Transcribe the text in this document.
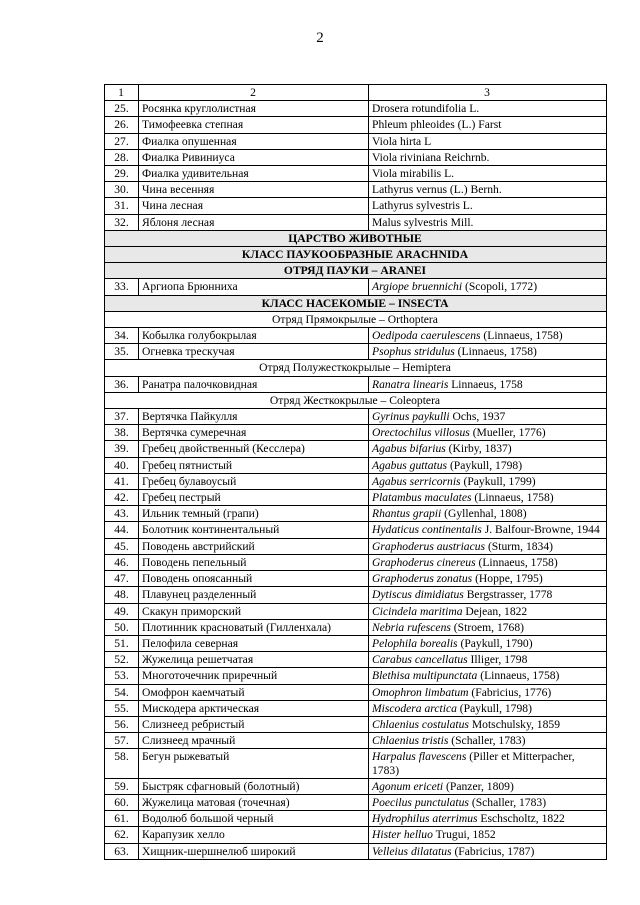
2
1	2	3
25.	Росянка круглолистная	Drosera rotundifolia L.
26.	Тимофеевка степная	Phleum phleoides (L.) Farst
27.	Фиалка опушенная	Viola hirta L
28.	Фиалка Ривиниуса	Viola riviniana Reichrnb.
29.	Фиалка удивительная	Viola mirabilis L.
30.	Чина весенняя	Lathyrus vernus (L.) Bernh.
31.	Чина лесная	Lathyrus sylvestris L.
32.	Яблоня лесная	Malus sylvestris Mill.
ЦАРСТВО ЖИВОТНЫЕ		
КЛАСС ПАУКООБРАЗНЫЕ ARACHNIDA		
ОТРЯД ПАУКИ – ARANEI		
33.	Аргиопа Брюнниха	Argiope bruennichi (Scopoli, 1772)
КЛАСС НАСЕКОМЫЕ – INSECTA		
Отряд Прямокрылые – Orthoptera		
34.	Кобылка голубокрылая	Oedipoda caerulescens (Linnaeus, 1758)
35.	Огневка трескучая	Psophus stridulus (Linnaeus, 1758)
Отряд Полужесткокрылые – Hemiptera		
36.	Ранатра палочковидная	Ranatra linearis Linnaeus, 1758
Отряд Жесткокрылые – Coleoptera		
37.	Вертячка Пайкулля	Gyrinus paykulli Ochs, 1937
38.	Вертячка сумеречная	Orectochilus villosus (Mueller, 1776)
39.	Гребец двойственный (Кесслера)	Agabus bifarius (Kirby, 1837)
40.	Гребец пятнистый	Agabus guttatus (Paykull, 1798)
41.	Гребец булавоусый	Agabus serricornis (Paykull, 1799)
42.	Гребец пестрый	Platambus maculates (Linnaeus, 1758)
43.	Ильник темный (грапи)	Rhantus grapii (Gyllenhal, 1808)
44.	Болотник континентальный	Hydaticus continentalis J. Balfour-Browne, 1944
45.	Поводень австрийский	Graphoderus austriacus (Sturm, 1834)
46.	Поводень пепельный	Graphoderus cinereus (Linnaeus, 1758)
47.	Поводень опоясанный	Graphoderus zonatus (Hoppe, 1795)
48.	Плавунец разделенный	Dytiscus dimidiatus Bergstrasser, 1778
49.	Скакун приморский	Cicindela maritima Dejean, 1822
50.	Плотинник красноватый (Гилленхала)	Nebria rufescens (Stroem, 1768)
51.	Пелофила северная	Pelophila borealis (Paykull, 1790)
52.	Жужелица решетчатая	Carabus cancellatus Illiger, 1798
53.	Многоточечник приречный	Blethisa multipunctata (Linnaeus, 1758)
54.	Омофрон каемчатый	Omophron limbatum (Fabricius, 1776)
55.	Мискодера арктическая	Miscodera arctica (Paykull, 1798)
56.	Слизнеед ребристый	Chlaenius costulatus Motschulsky, 1859
57.	Слизнеед мрачный	Chlaenius tristis (Schaller, 1783)
58.	Бегун рыжеватый	Harpalus flavescens (Piller et Mitterpacher, 1783)
59.	Быстряк сфагновый (болотный)	Agonum ericeti (Panzer, 1809)
60.	Жужелица матовая (точечная)	Poecilus punctulatus (Schaller, 1783)
61.	Водолюб большой черный	Hydrophilus aterrimus Eschscholtz, 1822
62.	Карапузик хелло	Hister helluo Trugui, 1852
63.	Хищник-шершнелюб широкий	Velleius dilatatus (Fabricius, 1787)
